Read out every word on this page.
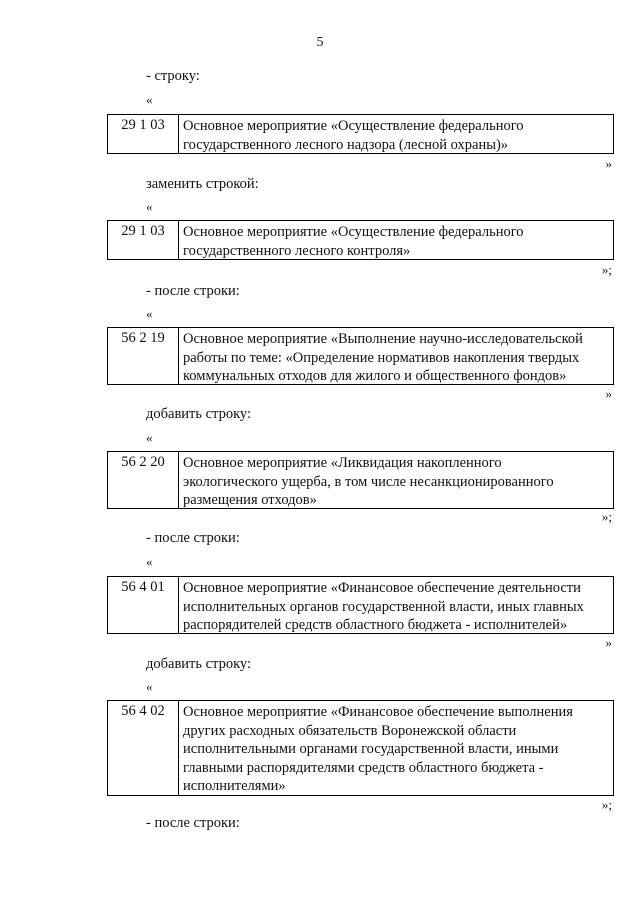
5
- строку:
«
29 1 03	Основное мероприятие «Осуществление федерального
государственного лесного надзора (лесной охраны)»
»
заменить строкой:
«
29 1 03	Основное мероприятие «Осуществление федерального
государственного лесного контроля»
»;
- после строки:
«
56 2 19	Основное мероприятие «Выполнение научно-исследовательской
работы по теме: «Определение нормативов накопления твердых
коммунальных отходов для жилого и общественного фондов»
»
добавить строку:
«
56 2 20	Основное мероприятие «Ликвидация накопленного
экологического ущерба, в том числе несанкционированного
размещения отходов»
»;
- после строки:
«
56 4 01	Основное мероприятие «Финансовое обеспечение деятельности
исполнительных органов государственной власти, иных главных
распорядителей средств областного бюджета - исполнителей»
»
добавить строку:
«
56 4 02	Основное мероприятие «Финансовое обеспечение выполнения
других расходных обязательств Воронежской области
исполнительными органами государственной власти, иными
главными распорядителями средств областного бюджета -
исполнителями»
»;
- после строки:
